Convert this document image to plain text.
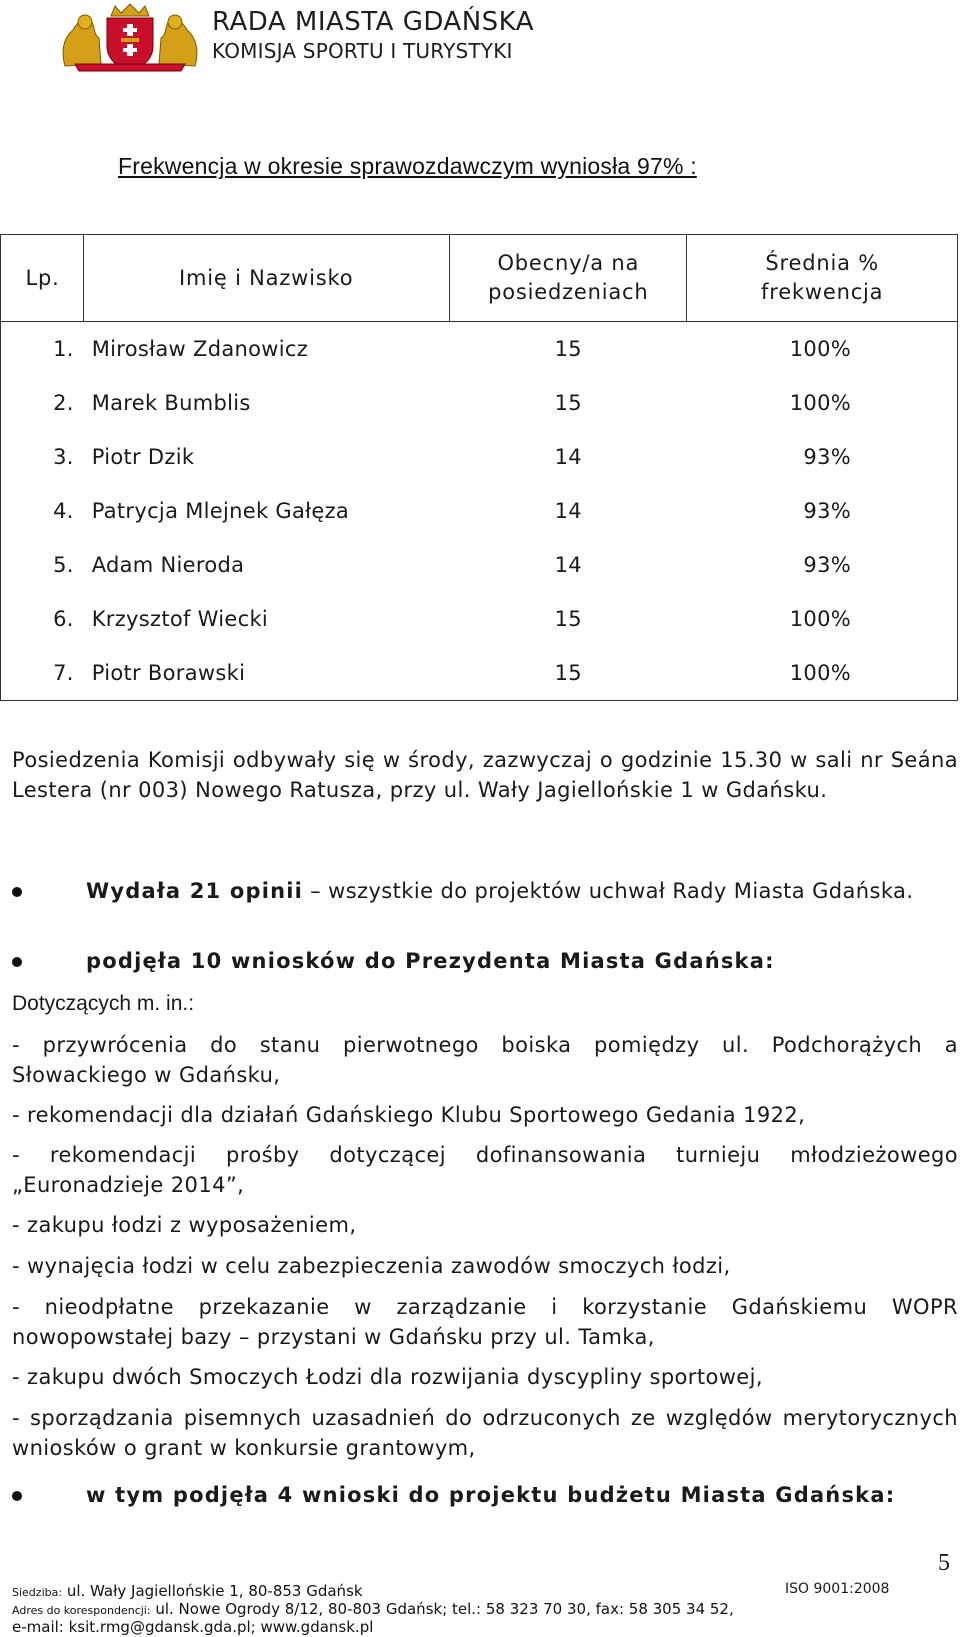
RADA MIASTA GDAŃSKA
KOMISJA SPORTU I TURYSTYKI
Frekwencja w okresie sprawozdawczym wyniosła 97% :
Lp.	Imię i Nazwisko	Obecny/a na posiedzeniach	Średnia % frekwencja
1.	Mirosław Zdanowicz	15	100%
2.	Marek Bumblis	15	100%
3.	Piotr Dzik	14	93%
4.	Patrycja Mlejnek Gałęza	14	93%
5.	Adam Nieroda	14	93%
6.	Krzysztof Wiecki	15	100%
7.	Piotr Borawski	15	100%
Posiedzenia Komisji odbywały się w środy, zazwyczaj o godzinie 15.30 w sali nr Seána Lestera (nr 003) Nowego Ratusza, przy ul. Wały Jagiellońskie 1 w Gdańsku.
Wydała 21 opinii – wszystkie do projektów uchwał Rady Miasta Gdańska.
podjęła 10 wniosków do Prezydenta Miasta Gdańska:
Dotyczących m. in.:
- przywrócenia do stanu pierwotnego boiska pomiędzy ul. Podchorążych a Słowackiego w Gdańsku,
- rekomendacji dla działań Gdańskiego Klubu Sportowego Gedania 1922,
- rekomendacji prośby dotyczącej dofinansowania turnieju młodzieżowego „Euronadzieje 2014”,
- zakupu łodzi z wyposażeniem,
- wynajęcia łodzi w celu zabezpieczenia zawodów smoczych łodzi,
- nieodpłatne przekazanie w zarządzanie i korzystanie Gdańskiemu WOPR nowopowstałej bazy – przystani w Gdańsku przy ul. Tamka,
- zakupu dwóch Smoczych Łodzi dla rozwijania dyscypliny sportowej,
- sporządzania pisemnych uzasadnień do odrzuconych ze względów merytorycznych wniosków o grant w konkursie grantowym,
w tym podjęła 4 wnioski do projektu budżetu Miasta Gdańska:
5
Siedziba: ul. Wały Jagiellońskie 1, 80-853 Gdańsk	ISO 9001:2008
Adres do korespondencji: ul. Nowe Ogrody 8/12, 80-803 Gdańsk; tel.: 58 323 70 30, fax: 58 305 34 52,
e-mail: ksit.rmg@gdansk.gda.pl; www.gdansk.pl
